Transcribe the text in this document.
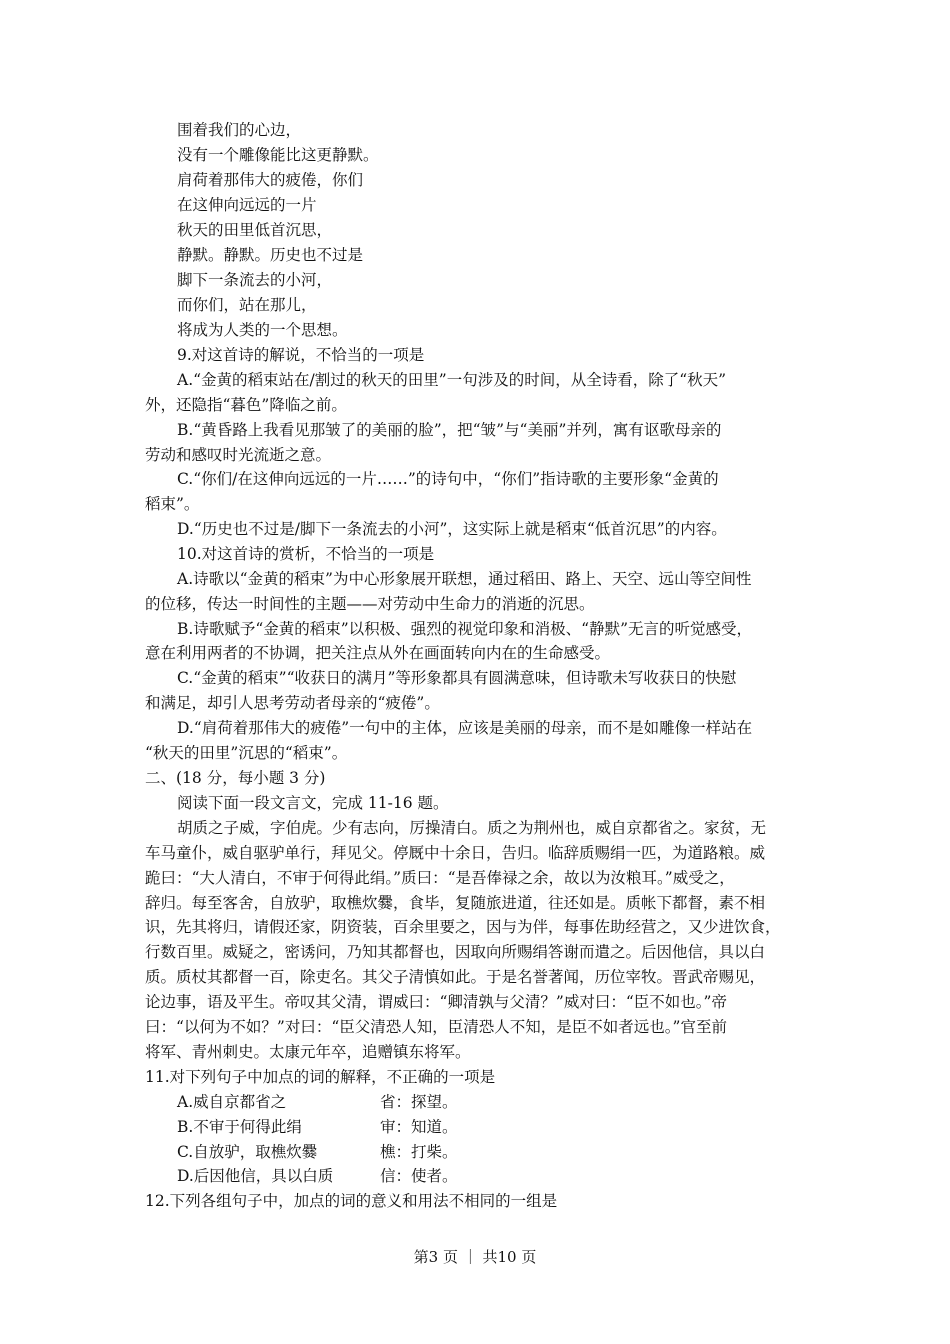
围着我们的心边，
没有一个雕像能比这更静默。
肩荷着那伟大的疲倦，你们
在这伸向远远的一片
秋天的田里低首沉思，
静默。静默。历史也不过是
脚下一条流去的小河，
而你们，站在那儿，
将成为人类的一个思想。
9.对这首诗的解说，不恰当的一项是
A.“金黄的稻束站在/割过的秋天的田里”一句涉及的时间，从全诗看，除了“秋天”
外，还隐指“暮色”降临之前。
B.“黄昏路上我看见那皱了的美丽的脸”，把“皱”与“美丽”并列，寓有讴歌母亲的
劳动和感叹时光流逝之意。
C.“你们/在这伸向远远的一片……”的诗句中，“你们”指诗歌的主要形象“金黄的
稻束”。
D.“历史也不过是/脚下一条流去的小河”，这实际上就是稻束“低首沉思”的内容。
10.对这首诗的赏析，不恰当的一项是
A.诗歌以“金黄的稻束”为中心形象展开联想，通过稻田、路上、天空、远山等空间性
的位移，传达一时间性的主题——对劳动中生命力的消逝的沉思。
B.诗歌赋予“金黄的稻束”以积极、强烈的视觉印象和消极、“静默”无言的听觉感受，
意在利用两者的不协调，把关注点从外在画面转向内在的生命感受。
C.“金黄的稻束”“收获日的满月”等形象都具有圆满意味，但诗歌未写收获日的快慰
和满足，却引人思考劳动者母亲的“疲倦”。
D.“肩荷着那伟大的疲倦”一句中的主体，应该是美丽的母亲，而不是如雕像一样站在
“秋天的田里”沉思的“稻束”。
二、(18 分，每小题 3 分)
阅读下面一段文言文，完成 11-16 题。
胡质之子威，字伯虎。少有志向，厉操清白。质之为荆州也，威自京都省之。家贫，无
车马童仆，威自驱驴单行，拜见父。停厩中十余日，告归。临辞质赐绢一匹，为道路粮。威
跪曰：“大人清白，不审于何得此绢。”质曰：“是吾俸禄之余，故以为汝粮耳。”威受之，
辞归。每至客舍，自放驴，取樵炊爨，食毕，复随旅进道，往还如是。质帐下都督，素不相
识，先其将归，请假还家，阴资装，百余里要之，因与为伴，每事佐助经营之，又少进饮食，
行数百里。威疑之，密诱问，乃知其都督也，因取向所赐绢答谢而遣之。后因他信，具以白
质。质杖其都督一百，除吏名。其父子清慎如此。于是名誉著闻，历位宰牧。晋武帝赐见，
论边事，语及平生。帝叹其父清，谓威曰：“卿清孰与父清？”威对曰：“臣不如也。”帝
曰：“以何为不如？”对曰：“臣父清恐人知，臣清恐人不知，是臣不如者远也。”官至前
将军、青州刺史。太康元年卒，追赠镇东将军。
11.对下列句子中加点的词的解释，不正确的一项是
A.威自京都省之	省：探望。
B.不审于何得此绢	审：知道。
C.自放驴，取樵炊爨	樵：打柴。
D.后因他信，具以白质	信：使者。
12.下列各组句子中，加点的词的意义和用法不相同的一组是
第3 页 ｜ 共10 页
